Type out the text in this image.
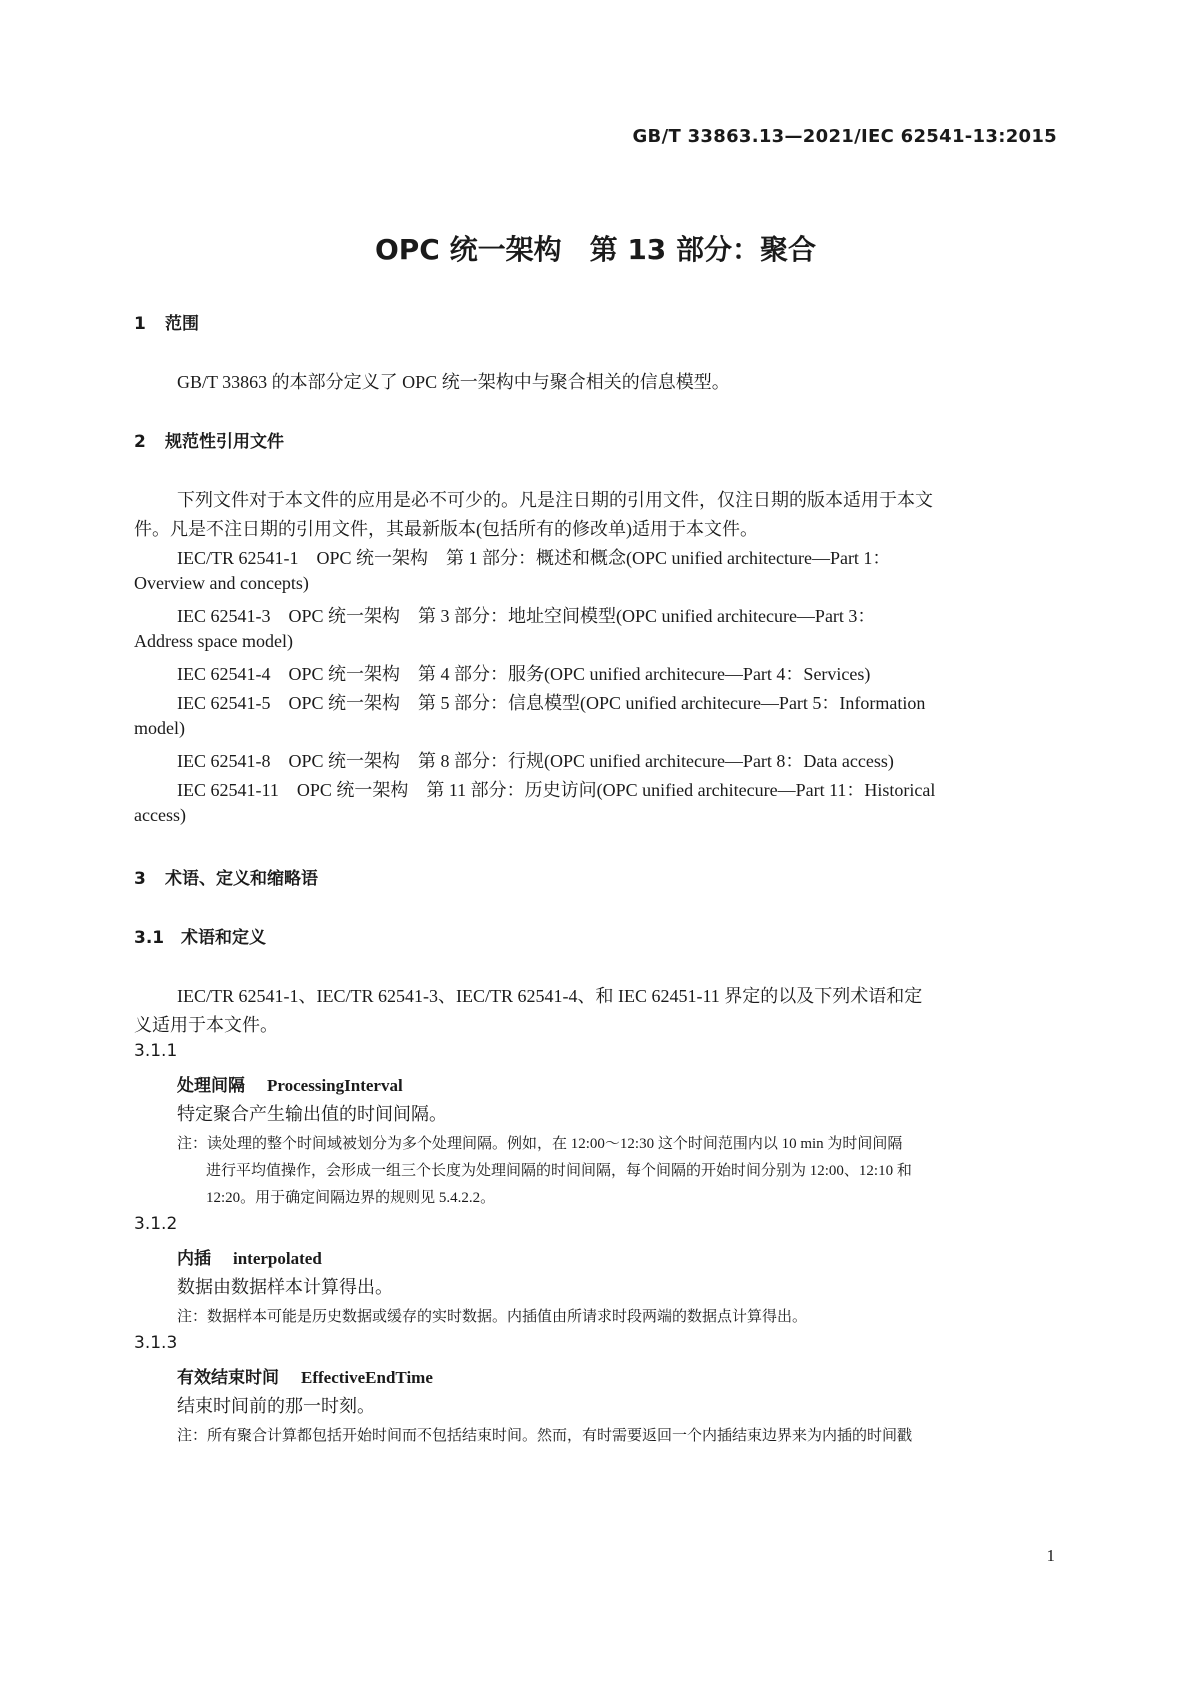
GB/T 33863.13—2021/IEC 62541-13:2015
OPC 统一架构　第 13 部分：聚合
1 范围
GB/T 33863 的本部分定义了 OPC 统一架构中与聚合相关的信息模型。
2 规范性引用文件
下列文件对于本文件的应用是必不可少的。凡是注日期的引用文件，仅注日期的版本适用于本文
件。凡是不注日期的引用文件，其最新版本(包括所有的修改单)适用于本文件。
IEC/TR 62541-1　OPC 统一架构　第 1 部分：概述和概念(OPC unified architecture—Part 1：
Overview and concepts)
IEC 62541-3　OPC 统一架构　第 3 部分：地址空间模型(OPC unified architecure—Part 3：
Address space model)
IEC 62541-4　OPC 统一架构　第 4 部分：服务(OPC unified architecure—Part 4：Services)
IEC 62541-5　OPC 统一架构　第 5 部分：信息模型(OPC unified architecure—Part 5：Information
model)
IEC 62541-8　OPC 统一架构　第 8 部分：行规(OPC unified architecure—Part 8：Data access)
IEC 62541-11　OPC 统一架构　第 11 部分：历史访问(OPC unified architecure—Part 11：Historical
access)
3 术语、定义和缩略语
3.1 术语和定义
IEC/TR 62541-1、IEC/TR 62541-3、IEC/TR 62541-4、和 IEC 62451-11 界定的以及下列术语和定
义适用于本文件。
3.1.1
处理间隔 ProcessingInterval
特定聚合产生输出值的时间间隔。
注：读处理的整个时间域被划分为多个处理间隔。例如，在 12:00～12:30 这个时间范围内以 10 min 为时间间隔
进行平均值操作，会形成一组三个长度为处理间隔的时间间隔，每个间隔的开始时间分别为 12:00、12:10 和
12:20。用于确定间隔边界的规则见 5.4.2.2。
3.1.2
内插 interpolated
数据由数据样本计算得出。
注：数据样本可能是历史数据或缓存的实时数据。内插值由所请求时段两端的数据点计算得出。
3.1.3
有效结束时间 EffectiveEndTime
结束时间前的那一时刻。
注：所有聚合计算都包括开始时间而不包括结束时间。然而，有时需要返回一个内插结束边界来为内插的时间戳
1
